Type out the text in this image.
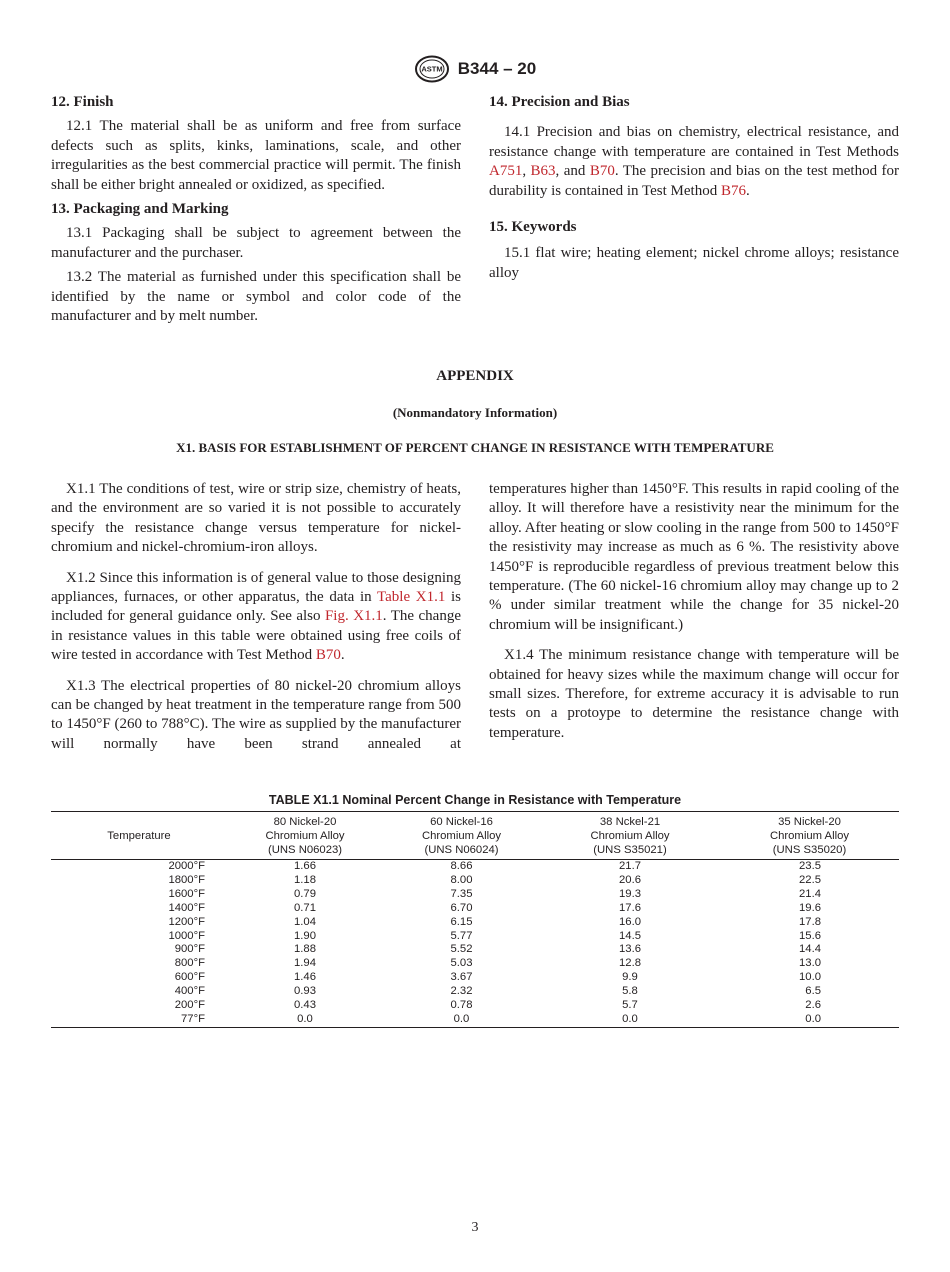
ASTM B344 – 20
12. Finish

12.1 The material shall be as uniform and free from surface defects such as splits, kinks, laminations, scale, and other irregularities as the best commercial practice will permit. The finish shall be either bright annealed or oxidized, as specified.

13. Packaging and Marking

13.1 Packaging shall be subject to agreement between the manufacturer and the purchaser.

13.2 The material as furnished under this specification shall be identified by the name or symbol and color code of the manufacturer and by melt number.

14. Precision and Bias

14.1 Precision and bias on chemistry, electrical resistance, and resistance change with temperature are contained in Test Methods A751, B63, and B70. The precision and bias on the test method for durability is contained in Test Method B76.

15. Keywords

15.1 flat wire; heating element; nickel chrome alloys; resistance alloy

APPENDIX
(Nonmandatory Information)
X1. BASIS FOR ESTABLISHMENT OF PERCENT CHANGE IN RESISTANCE WITH TEMPERATURE

X1.1 The conditions of test, wire or strip size, chemistry of heats, and the environment are so varied it is not possible to accurately specify the resistance change versus temperature for nickel-chromium and nickel-chromium-iron alloys.

X1.2 Since this information is of general value to those designing appliances, furnaces, or other apparatus, the data in Table X1.1 is included for general guidance only. See also Fig. X1.1. The change in resistance values in this table were obtained using free coils of wire tested in accordance with Test Method B70.

X1.3 The electrical properties of 80 nickel-20 chromium alloys can be changed by heat treatment in the temperature range from 500 to 1450°F (260 to 788°C). The wire as supplied by the manufacturer will normally have been strand annealed at

temperatures higher than 1450°F. This results in rapid cooling of the alloy. It will therefore have a resistivity near the minimum for the alloy. After heating or slow cooling in the range from 500 to 1450°F the resistivity may increase as much as 6 %. The resistivity above 1450°F is reproducible regardless of previous treatment below this temperature. (The 60 nickel-16 chromium alloy may change up to 2 % under similar treatment while the change for 35 nickel-20 chromium will be insignificant.)

X1.4 The minimum resistance change with temperature will be obtained for heavy sizes while the maximum change will occur for small sizes. Therefore, for extreme accuracy it is advisable to run tests on a protoype to determine the resistance change with temperature.

TABLE X1.1 Nominal Percent Change in Resistance with Temperature
Temperature	80 Nickel-20
Chromium Alloy
(UNS N06023)	60 Nickel-16
Chromium Alloy
(UNS N06024)	38 Nckel-21
Chromium Alloy
(UNS S35021)	35 Nickel-20
Chromium Alloy
(UNS S35020)
2000°F	1.66	8.66	21.7	23.5
1800°F	1.18	8.00	20.6	22.5
1600°F	0.79	7.35	19.3	21.4
1400°F	0.71	6.70	17.6	19.6
1200°F	1.04	6.15	16.0	17.8
1000°F	1.90	5.77	14.5	15.6
900°F	1.88	5.52	13.6	14.4
800°F	1.94	5.03	12.8	13.0
600°F	1.46	3.67	9.9	10.0
400°F	0.93	2.32	5.8	6.5
200°F	0.43	0.78	5.7	2.6
77°F	0.0	0.0	0.0	0.0
3
